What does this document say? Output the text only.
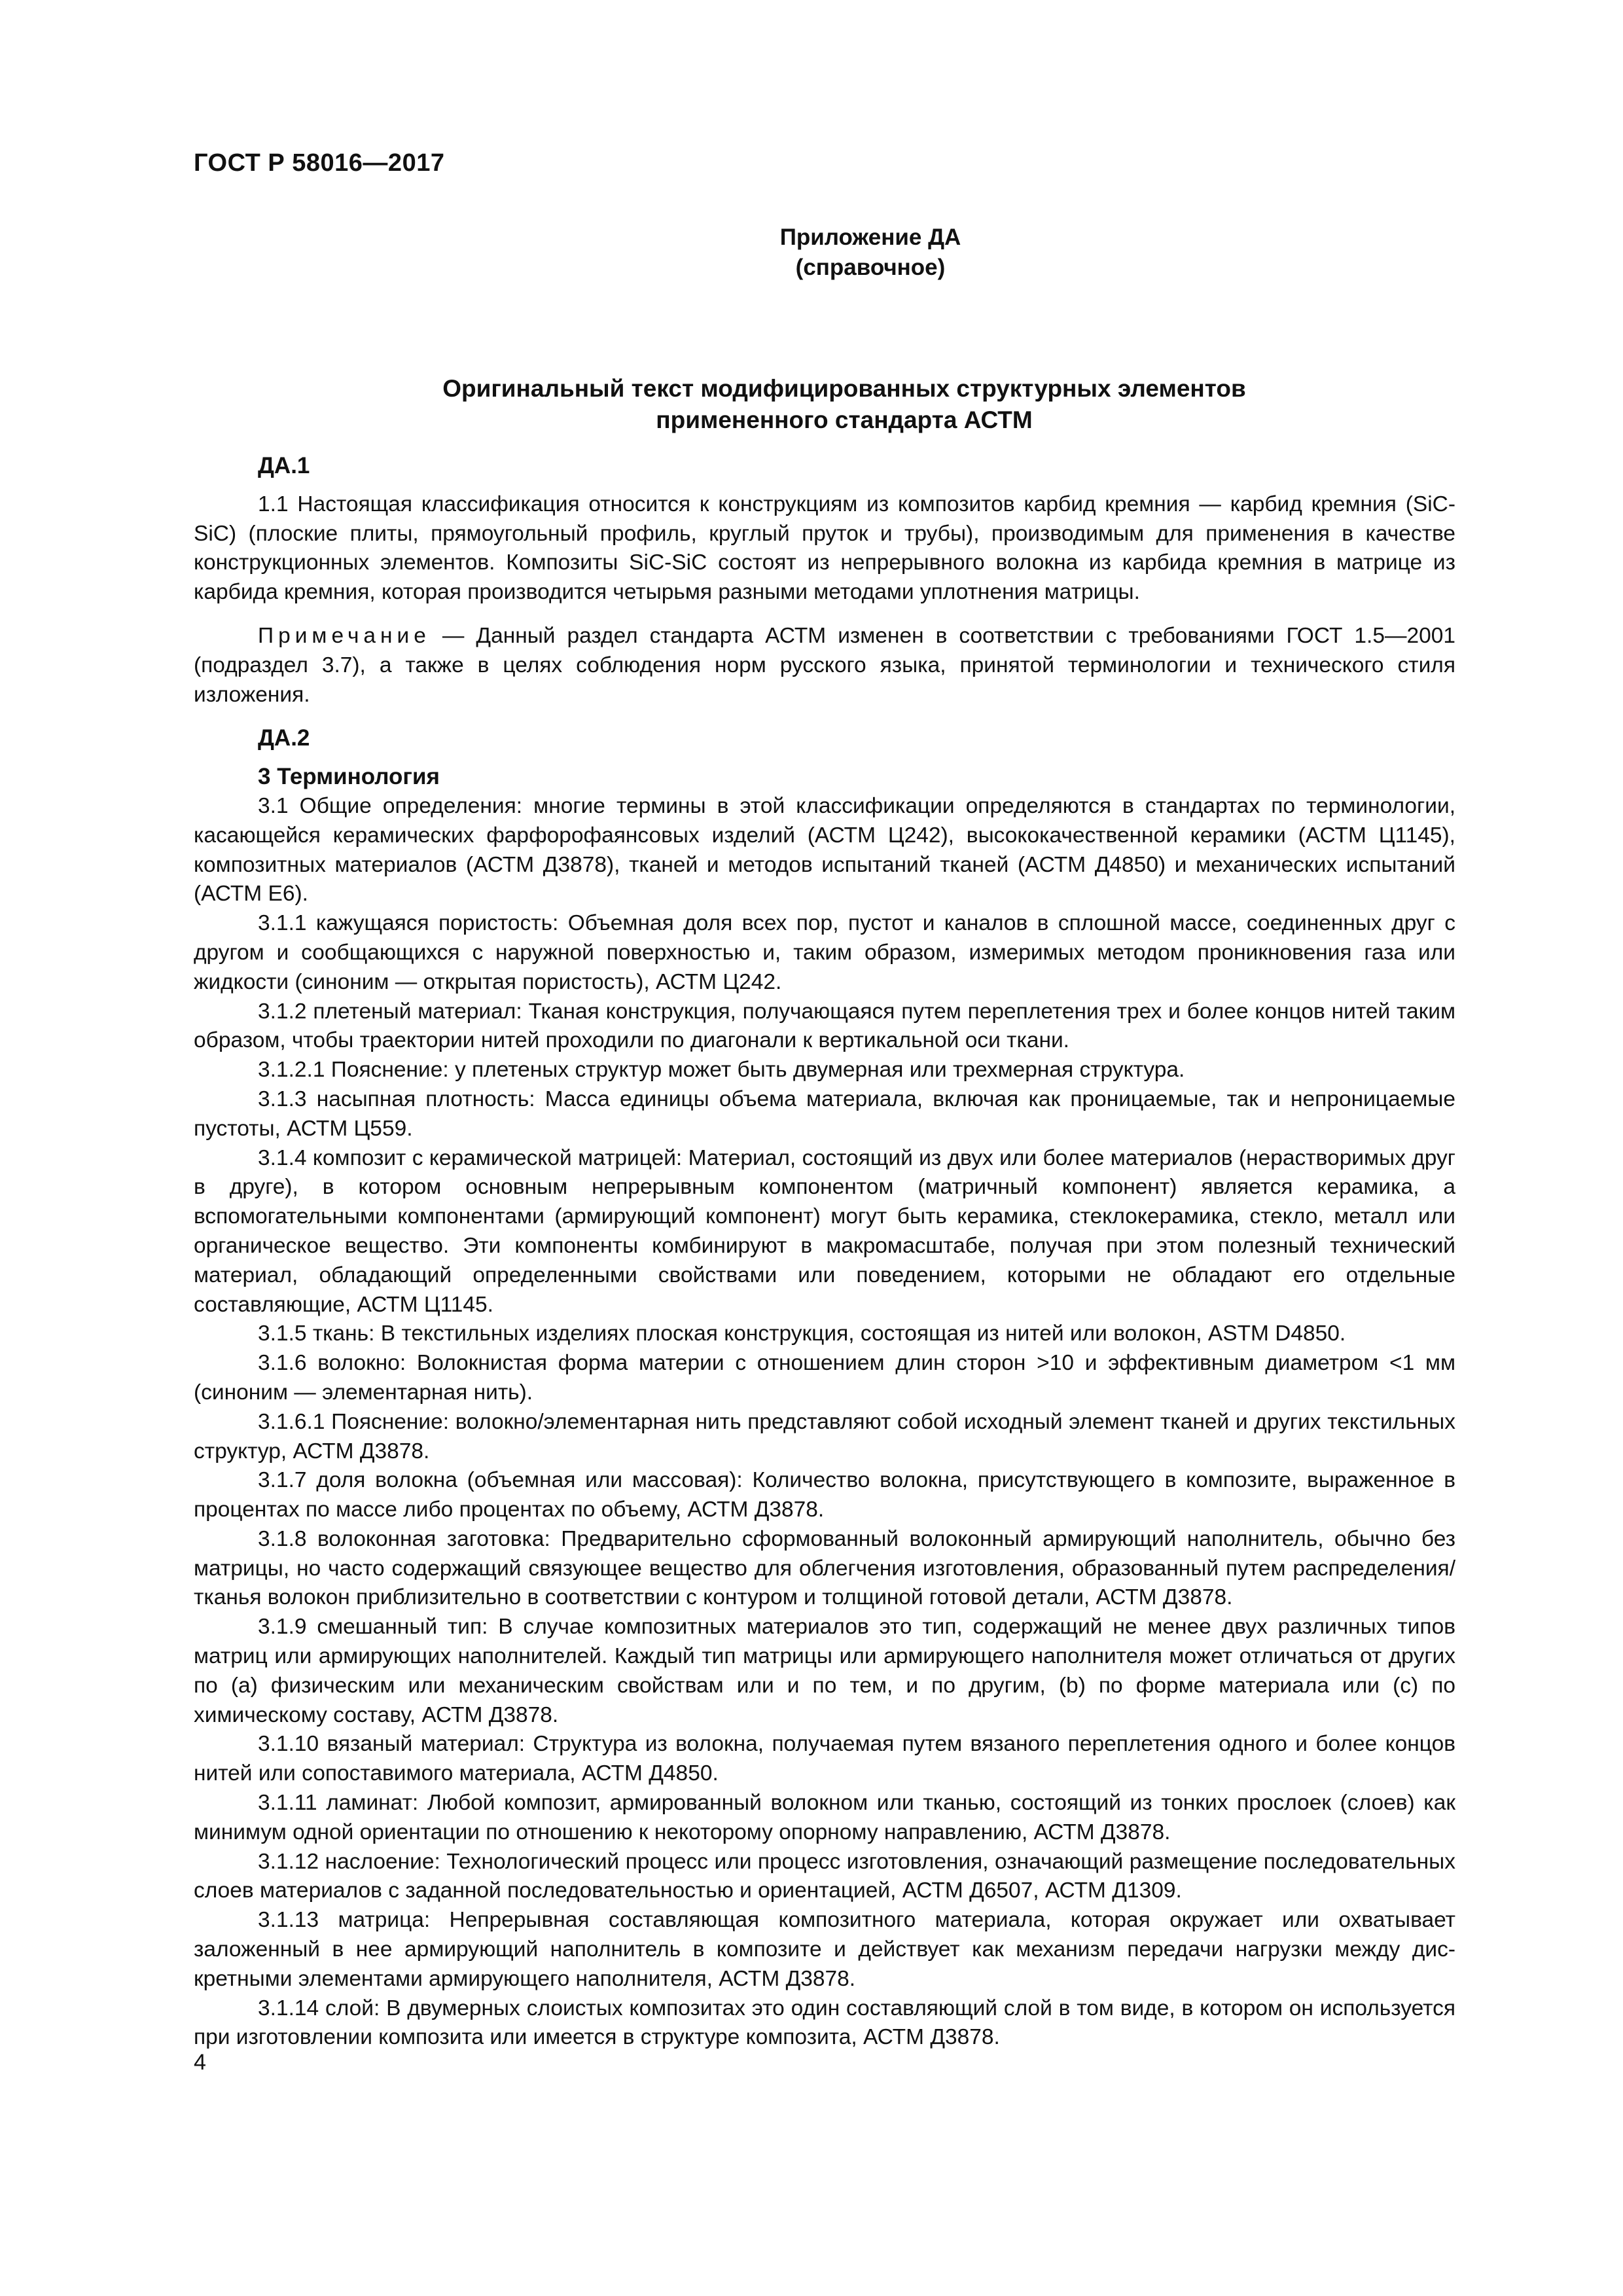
ГОСТ Р 58016—2017
Приложение ДА
(справочное)
Оригинальный текст модифицированных структурных элементов
примененного стандарта АСТМ
ДА.1

1.1 Настоящая классификация относится к конструкциям из композитов карбид кремния — карбид кремния (SiC-SiC) (плоские плиты, прямоугольный профиль, круглый пруток и трубы), производимым для применения в качестве конструкционных элементов. Композиты SiC-SiC состоят из непрерывного волокна из карбида кремния в матрице из карбида кремния, которая производится четырьмя разными методами уплотнения матрицы.

Примечание — Данный раздел стандарта АСТМ изменен в соответствии с требованиями ГОСТ 1.5—2001 (подраздел 3.7), а также в целях соблюдения норм русского языка, принятой терминологии и технического стиля изложения.

ДА.2
3 Терминология

3.1 Общие определения: многие термины в этой классификации определяются в стандартах по терминологии, касающейся керамических фарфорофаянсовых изделий (АСТМ Ц242), высококачественной керамики (АСТМ Ц1145), композитных материалов (АСТМ Д3878), тканей и методов испытаний тканей (АСТМ Д4850) и механических испытаний (АСТМ Е6).

3.1.1 кажущаяся пористость: Объемная доля всех пор, пустот и каналов в сплошной массе, соединенных друг с другом и сообщающихся с наружной поверхностью и, таким образом, измеримых методом проникновения газа или жидкости (синоним — открытая пористость), АСТМ Ц242.

3.1.2 плетеный материал: Тканая конструкция, получающаяся путем переплетения трех и более концов нитей таким образом, чтобы траектории нитей проходили по диагонали к вертикальной оси ткани.

3.1.2.1 Пояснение: у плетеных структур может быть двумерная или трехмерная структура.

3.1.3 насыпная плотность: Масса единицы объема материала, включая как проницаемые, так и непроницаемые пустоты, АСТМ Ц559.

3.1.4 композит с керамической матрицей: Материал, состоящий из двух или более материалов (нерастворимых друг в друге), в котором основным непрерывным компонентом (матричный компонент) является керамика, а вспомогательными компонентами (армирующий компонент) могут быть керамика, стеклокерамика, стекло, металл или органическое вещество. Эти компоненты комбинируют в макромасштабе, получая при этом полезный технический материал, обладающий определенными свойствами или поведением, которыми не обладают его отдельные составляющие, АСТМ Ц1145.

3.1.5 ткань: В текстильных изделиях плоская конструкция, состоящая из нитей или волокон, ASTM D4850.

3.1.6 волокно: Волокнистая форма материи с отношением длин сторон >10 и эффективным диаметром <1 мм (синоним — элементарная нить).

3.1.6.1 Пояснение: волокно/элементарная нить представляют собой исходный элемент тканей и других текстильных структур, АСТМ Д3878.

3.1.7 доля волокна (объемная или массовая): Количество волокна, присутствующего в композите, выраженное в процентах по массе либо процентах по объему, АСТМ Д3878.

3.1.8 волоконная заготовка: Предварительно сформованный волоконный армирующий наполнитель, обычно без матрицы, но часто содержащий связующее вещество для облегчения изготовления, образованный путем распределения/тканья волокон приблизительно в соответствии с контуром и толщиной готовой детали, АСТМ Д3878.

3.1.9 смешанный тип: В случае композитных материалов это тип, содержащий не менее двух различных типов матриц или армирующих наполнителей. Каждый тип матрицы или армирующего наполнителя может отличаться от других по (а) физическим или механическим свойствам или и по тем, и по другим, (b) по форме материала или (с) по химическому составу, АСТМ Д3878.

3.1.10 вязаный материал: Структура из волокна, получаемая путем вязаного переплетения одного и более концов нитей или сопоставимого материала, АСТМ Д4850.

3.1.11 ламинат: Любой композит, армированный волокном или тканью, состоящий из тонких прослоек (слоев) как минимум одной ориентации по отношению к некоторому опорному направлению, АСТМ Д3878.

3.1.12 наслоение: Технологический процесс или процесс изготовления, означающий размещение последовательных слоев материалов с заданной последовательностью и ориентацией, АСТМ Д6507, АСТМ Д1309.

3.1.13 матрица: Непрерывная составляющая композитного материала, которая окружает или охватывает заложенный в нее армирующий наполнитель в композите и действует как механизм передачи нагрузки между дискретными элементами армирующего наполнителя, АСТМ Д3878.

3.1.14 слой: В двумерных слоистых композитах это один составляющий слой в том виде, в котором он используется при изготовлении композита или имеется в структуре композита, АСТМ Д3878.

4
